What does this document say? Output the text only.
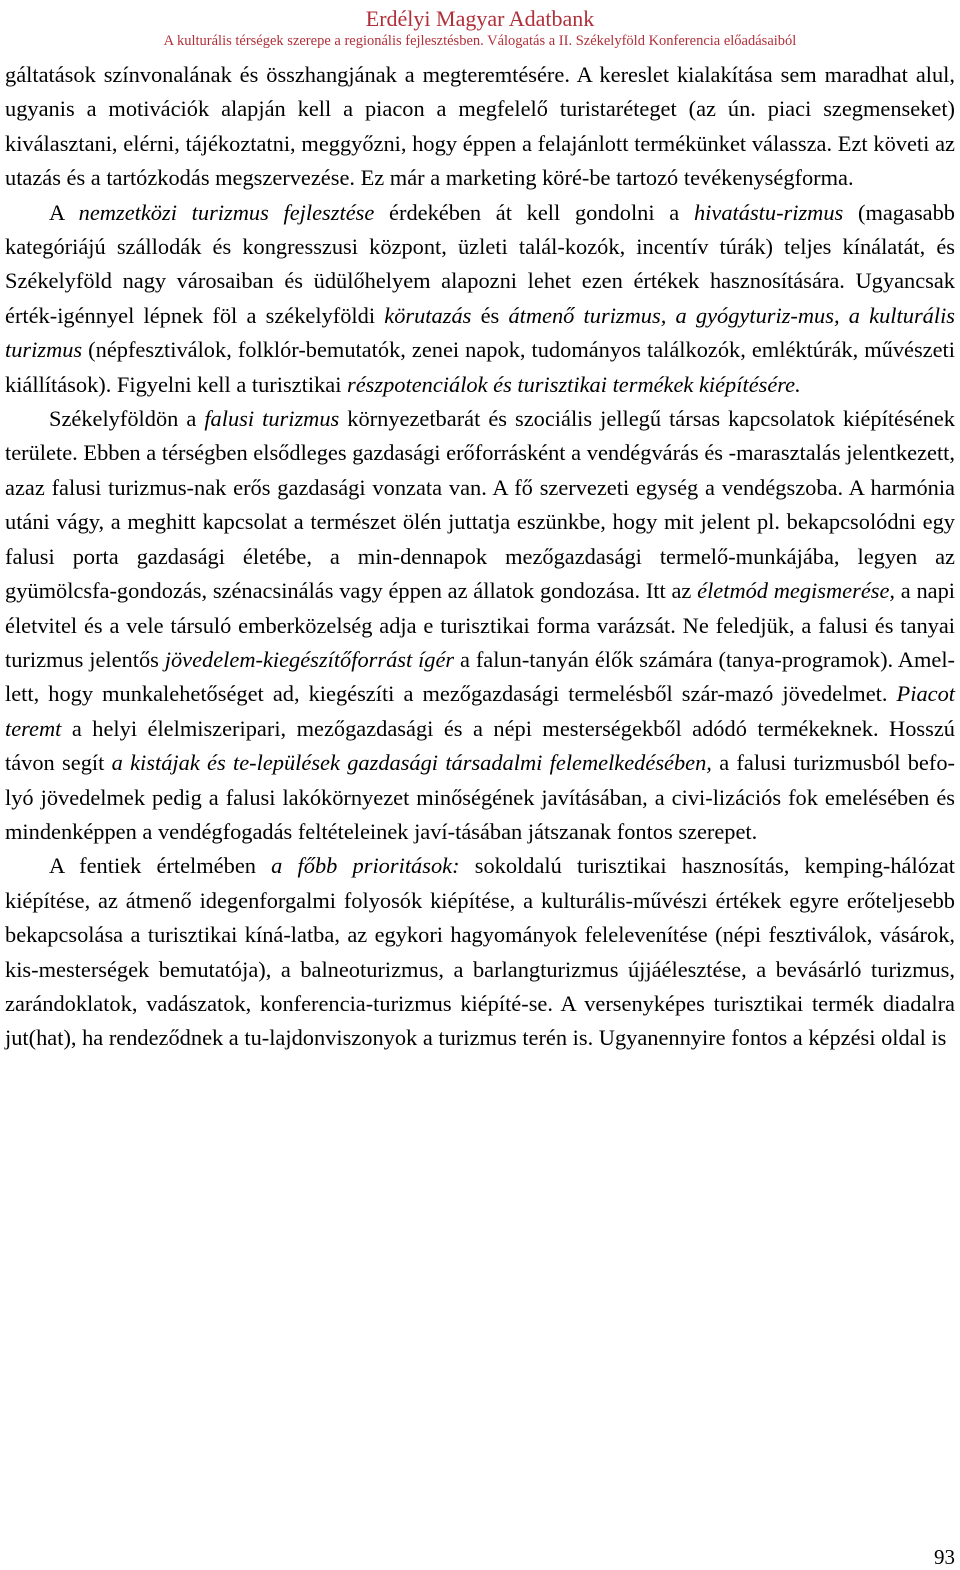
Erdélyi Magyar Adatbank
A kulturális térségek szerepe a regionális fejlesztésben. Válogatás a II. Székelyföld Konferencia előadásaiból

gáltatások színvonalának és összhangjának a megteremtésére. A kereslet kialakítása sem maradhat alul, ugyanis a motivációk alapján kell a piacon a megfelelő turistaréteget (az ún. piaci szegmenseket) kiválasztani, elérni, tájékoztatni, meggyőzni, hogy éppen a felajánlott termékünket válassza. Ezt követi az utazás és a tartózkodás megszervezése. Ez már a marketing köré-be tartozó tevékenységforma.

A nemzetközi turizmus fejlesztése érdekében át kell gondolni a hivatástu-rizmus (magasabb kategóriájú szállodák és kongresszusi központ, üzleti talál-kozók, incentív túrák) teljes kínálatát, és Székelyföld nagy városaiban és üdülőhelyem alapozni lehet ezen értékek hasznosítására. Ugyancsak érték-igénnyel lépnek föl a székelyföldi körutazás és átmenő turizmus, a gyógyturiz-mus, a kulturális turizmus (népfesztiválok, folklór-bemutatók, zenei napok, tudományos találkozók, emléktúrák, művészeti kiállítások). Figyelni kell a turisztikai részpotenciálok és turisztikai termékek kiépítésére.

Székelyföldön a falusi turizmus környezetbarát és szociális jellegű társas kapcsolatok kiépítésének területe. Ebben a térségben elsődleges gazdasági erőforrásként a vendégvárás és -marasztalás jelentkezett, azaz falusi turizmus-nak erős gazdasági vonzata van. A fő szervezeti egység a vendégszoba. A harmónia utáni vágy, a meghitt kapcsolat a természet ölén juttatja eszünkbe, hogy mit jelent pl. bekapcsolódni egy falusi porta gazdasági életébe, a min-dennapok mezőgazdasági termelő-munkájába, legyen az gyümölcsfa-gondozás, szénacsinálás vagy éppen az állatok gondozása. Itt az életmód megismerése, a napi életvitel és a vele társuló emberközelség adja e turisztikai forma varázsát. Ne feledjük, a falusi és tanyai turizmus jelentős jövedelem-kiegészítőforrást ígér a falun-tanyán élők számára (tanya-programok). Amel-lett, hogy munkalehetőséget ad, kiegészíti a mezőgazdasági termelésből szár-mazó jövedelmet. Piacot teremt a helyi élelmiszeripari, mezőgazdasági és a népi mesterségekből adódó termékeknek. Hosszú távon segít a kistájak és te-lepülések gazdasági társadalmi felemelkedésében, a falusi turizmusból befo-lyó jövedelmek pedig a falusi lakókörnyezet minőségének javításában, a civi-lizációs fok emelésében és mindenképpen a vendégfogadás feltételeinek javí-tásában játszanak fontos szerepet.

A fentiek értelmében a főbb prioritások: sokoldalú turisztikai hasznosítás, kemping-hálózat kiépítése, az átmenő idegenforgalmi folyosók kiépítése, a kulturális-művészi értékek egyre erőteljesebb bekapcsolása a turisztikai kíná-latba, az egykori hagyományok felelevenítése (népi fesztiválok, vásárok, kis-mesterségek bemutatója), a balneoturizmus, a barlangturizmus újjáélesztése, a bevásárló turizmus, zarándoklatok, vadászatok, konferencia-turizmus kiépíté-se. A versenyképes turisztikai termék diadalra jut(hat), ha rendeződnek a tu-lajdonviszonyok a turizmus terén is. Ugyanennyire fontos a képzési oldal is

93
